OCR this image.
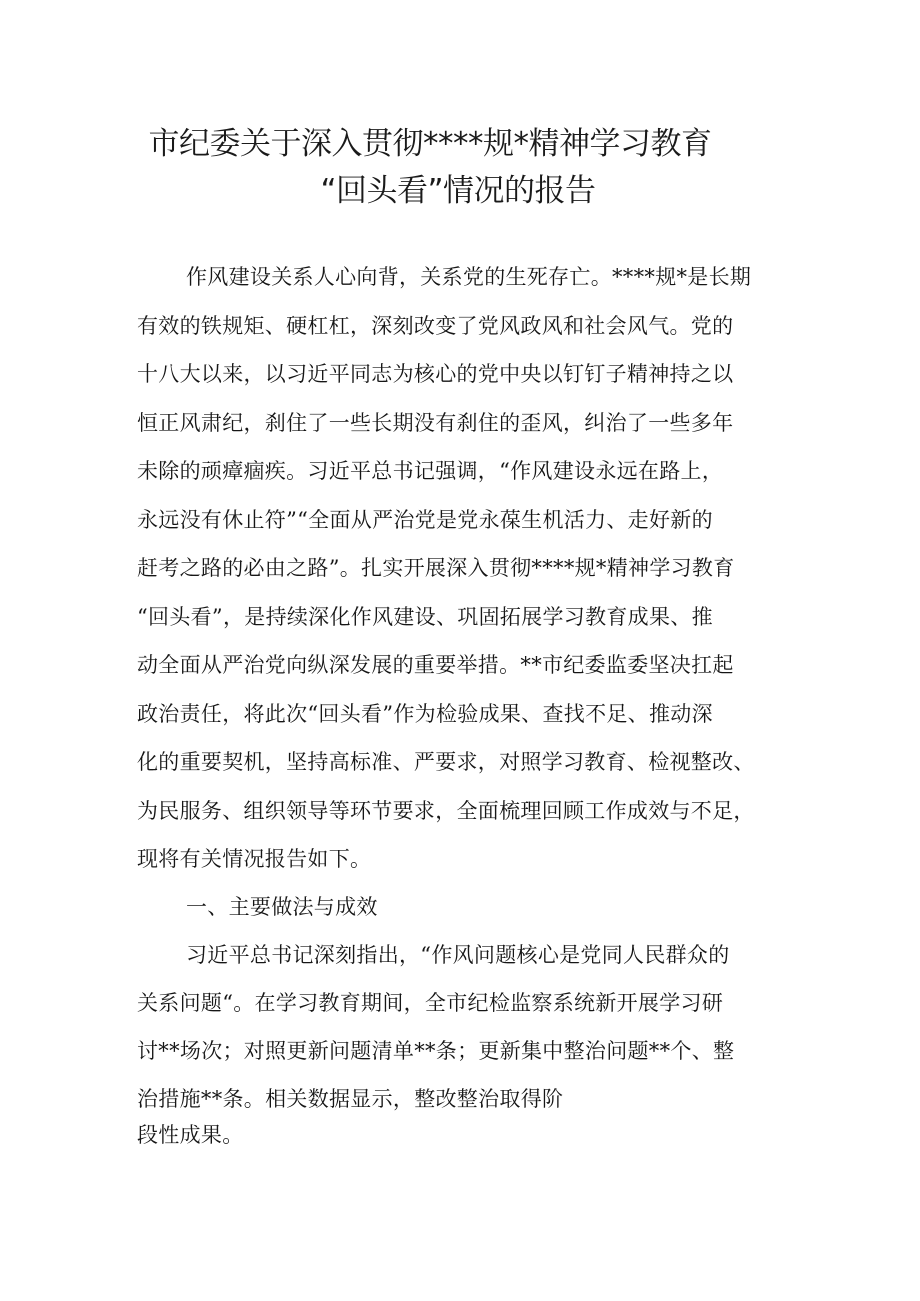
市纪委关于深入贯彻****规*精神学习教育
“回头看”情况的报告
作风建设关系人心向背，关系党的生死存亡。****规*是长期
有效的铁规矩、硬杠杠，深刻改变了党风政风和社会风气。党的
十八大以来，以习近平同志为核心的党中央以钉钉子精神持之以
恒正风肃纪，刹住了一些长期没有刹住的歪风，纠治了一些多年
未除的顽瘴痼疾。习近平总书记强调，“作风建设永远在路上，
永远没有休止符”“全面从严治党是党永葆生机活力、走好新的
赶考之路的必由之路”。扎实开展深入贯彻****规*精神学习教育
“回头看”，是持续深化作风建设、巩固拓展学习教育成果、推
动全面从严治党向纵深发展的重要举措。**市纪委监委坚决扛起
政治责任，将此次“回头看”作为检验成果、查找不足、推动深
化的重要契机，坚持高标准、严要求，对照学习教育、检视整改、
为民服务、组织领导等环节要求，全面梳理回顾工作成效与不足，
现将有关情况报告如下。
一、主要做法与成效
习近平总书记深刻指出，“作风问题核心是党同人民群众的
关系问题“。在学习教育期间，全市纪检监察系统新开展学习研
讨**场次；对照更新问题清单**条；更新集中整治问题**个、整
治措施**条。相关数据显示，整改整治取得阶
段性成果。
